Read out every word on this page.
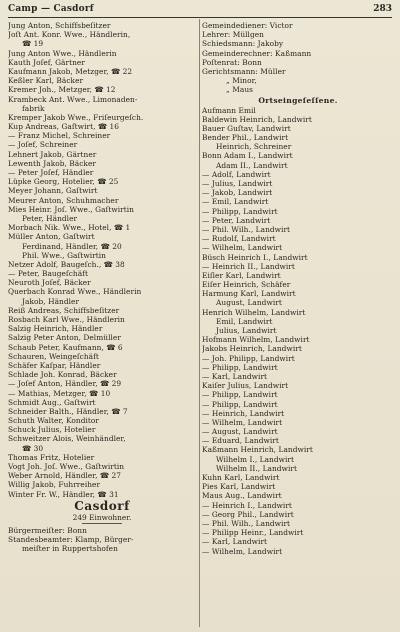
Camp — Casdorf	283
Jung Anton, Schiffsbeſitzer
Joſt Ant. Konr. Wwe., Händlerin,
☎ 19
Jung Anton Wwe., Händlerin
Kauth Joſef, Gärtner
Kaufmann Jakob, Metzger, ☎ 22
Keßler Karl, Bäcker
Kremer Joh., Metzger, ☎ 12
Krambeck Ant. Wwe., Limonaden-
fabrik
Kremper Jakob Wwe., Friſeurgeſch.
Kup Andreas, Gaſtwirt, ☎ 16
— Franz Michel, Schreiner
— Joſef, Schreiner
Lehnert Jakob, Gärtner
Lewenth Jakob, Bäcker
— Peter Joſef, Händler
Lüpke Georg, Hotelier, ☎ 25
Meyer Johann, Gaſtwirt
Meurer Anton, Schuhmacher
Mies Heinr. Joſ. Wwe., Gaſtwirtin
Peter, Händler
Morbach Nik. Wwe., Hotel, ☎ 1
Müller Anton, Gaſtwirt
Ferdinand, Händler, ☎ 20
Phil. Wwe., Gaſtwirtin
Netzer Adolf, Baugeſch., ☎ 38
— Peter, Baugeſchäft
Neuroth Joſef, Bäcker
Querbach Konrad Wwe., Händlerin
Jakob, Händler
Reiß Andreas, Schiffsbeſitzer
Rosbach Karl Wwe., Händlerin
Salzig Heinrich, Händler
Salzig Peter Anton, Delmüller
Schaub Peter, Kaufmann, ☎ 6
Schauren, Weingeſchäft
Schäfer Kaſpar, Händler
Schlade Joh. Konrad, Bäcker
— Joſef Anton, Händler, ☎ 29
— Mathias, Metzger, ☎ 10
Schmidt Aug., Gaſtwirt
Schneider Balth., Händler, ☎ 7
Schuth Walter, Konditor
Schuck Julius, Hotelier
Schweitzer Alois, Weinhändler,
☎ 30
Thomas Fritz, Hotelier
Vogt Joh. Joſ. Wwe., Gaſtwirtin
Weber Arnold, Händler, ☎ 27
Willig Jakob, Fuhrreiher
Winter Fr. W., Händler, ☎ 31
Casdorf
249 Einwohner.
Bürgermeiſter: Bonn
Standesbeamter: Klamp, Bürger-
meiſter in Ruppertshofen
Gemeindediener: Victor
Lehrer: Müllgen
Schiedsmann: Jakoby
Gemeinderechner: Kaßmann
Poſtenrat: Bonn
Gerichtsmann: Müller
„ Minor,
„ Maus
Ortseingeſeſſene.
Aufmann Emil
Baldewin Heinrich, Landwirt
Bauer Guſtav, Landwirt
Bender Phil., Landwirt
Heinrich, Schreiner
Bonn Adam I., Landwirt
Adam II., Landwirt
— Adolf, Landwirt
— Julius, Landwirt
— Jakob, Landwirt
— Emil, Landwirt
— Philipp, Landwirt
— Peter, Landwirt
— Phil. Wilh., Landwirt
— Rudolf, Landwirt
— Wilhelm, Landwirt
Büsch Heinrich I., Landwirt
— Heinrich II., Landwirt
Eiſler Karl, Landwirt
Eiſer Heinrich, Schäfer
Harmung Karl, Landwirt
August, Landwirt
Henrich Wilhelm, Landwirt
Emil, Landwirt
Julius, Landwirt
Hofmann Wilhelm, Landwirt
Jakobs Heinrich, Landwirt
— Joh. Philipp, Landwirt
— Philipp, Landwirt
— Karl, Landwirt
Kaiſer Julius, Landwirt
— Philipp, Landwirt
— Philipp, Landwirt
— Heinrich, Landwirt
— Wilhelm, Landwirt
— August, Landwirt
— Eduard, Landwirt
Kaßmann Heinrich, Landwirt
Wilhelm I., Landwirt
Wilhelm II., Landwirt
Kuhn Karl, Landwirt
Pies Karl, Landwirt
Maus Aug., Landwirt
— Heinrich I., Landwirt
— Georg Phil., Landwirt
— Phil. Wilh., Landwirt
— Philipp Heinr., Landwirt
— Karl, Landwirt
— Wilhelm, Landwirt
